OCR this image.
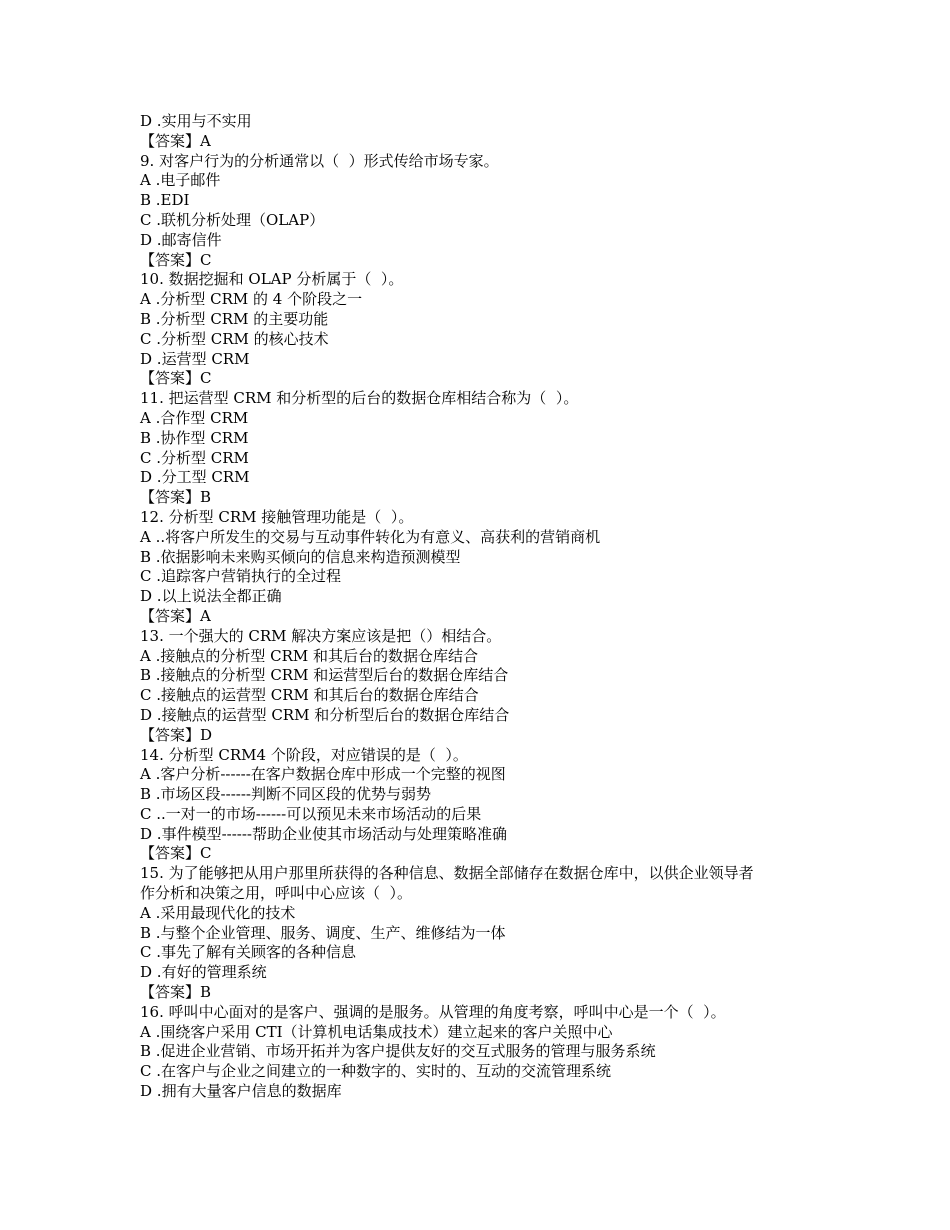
D .实用与不实用
【答案】A
9. 对客户行为的分析通常以（  ）形式传给市场专家。
A .电子邮件
B .EDI
C .联机分析处理（OLAP）
D .邮寄信件
【答案】C
10. 数据挖掘和 OLAP 分析属于（  ）。
A .分析型 CRM 的 4 个阶段之一
B .分析型 CRM 的主要功能
C .分析型 CRM 的核心技术
D .运营型 CRM
【答案】C
11. 把运营型 CRM 和分析型的后台的数据仓库相结合称为（  ）。
A .合作型 CRM
B .协作型 CRM
C .分析型 CRM
D .分工型 CRM
【答案】B
12. 分析型 CRM 接触管理功能是（  ）。
A ..将客户所发生的交易与互动事件转化为有意义、高获利的营销商机
B .依据影响未来购买倾向的信息来构造预测模型
C .追踪客户营销执行的全过程
D .以上说法全都正确
【答案】A
13. 一个强大的 CRM 解决方案应该是把（）相结合。
A .接触点的分析型 CRM 和其后台的数据仓库结合
B .接触点的分析型 CRM 和运营型后台的数据仓库结合
C .接触点的运营型 CRM 和其后台的数据仓库结合
D .接触点的运营型 CRM 和分析型后台的数据仓库结合
【答案】D
14. 分析型 CRM4 个阶段，对应错误的是（  ）。
A .客户分析------在客户数据仓库中形成一个完整的视图
B .市场区段------判断不同区段的优势与弱势
C ..一对一的市场------可以预见未来市场活动的后果
D .事件模型------帮助企业使其市场活动与处理策略准确
【答案】C
15. 为了能够把从用户那里所获得的各种信息、数据全部储存在数据仓库中，以供企业领导者
作分析和决策之用，呼叫中心应该（  ）。
A .采用最现代化的技术
B .与整个企业管理、服务、调度、生产、维修结为一体
C .事先了解有关顾客的各种信息
D .有好的管理系统
【答案】B
16. 呼叫中心面对的是客户、强调的是服务。从管理的角度考察，呼叫中心是一个（  ）。
A .围绕客户采用 CTI（计算机电话集成技术）建立起来的客户关照中心
B .促进企业营销、市场开拓并为客户提供友好的交互式服务的管理与服务系统
C .在客户与企业之间建立的一种数字的、实时的、互动的交流管理系统
D .拥有大量客户信息的数据库
